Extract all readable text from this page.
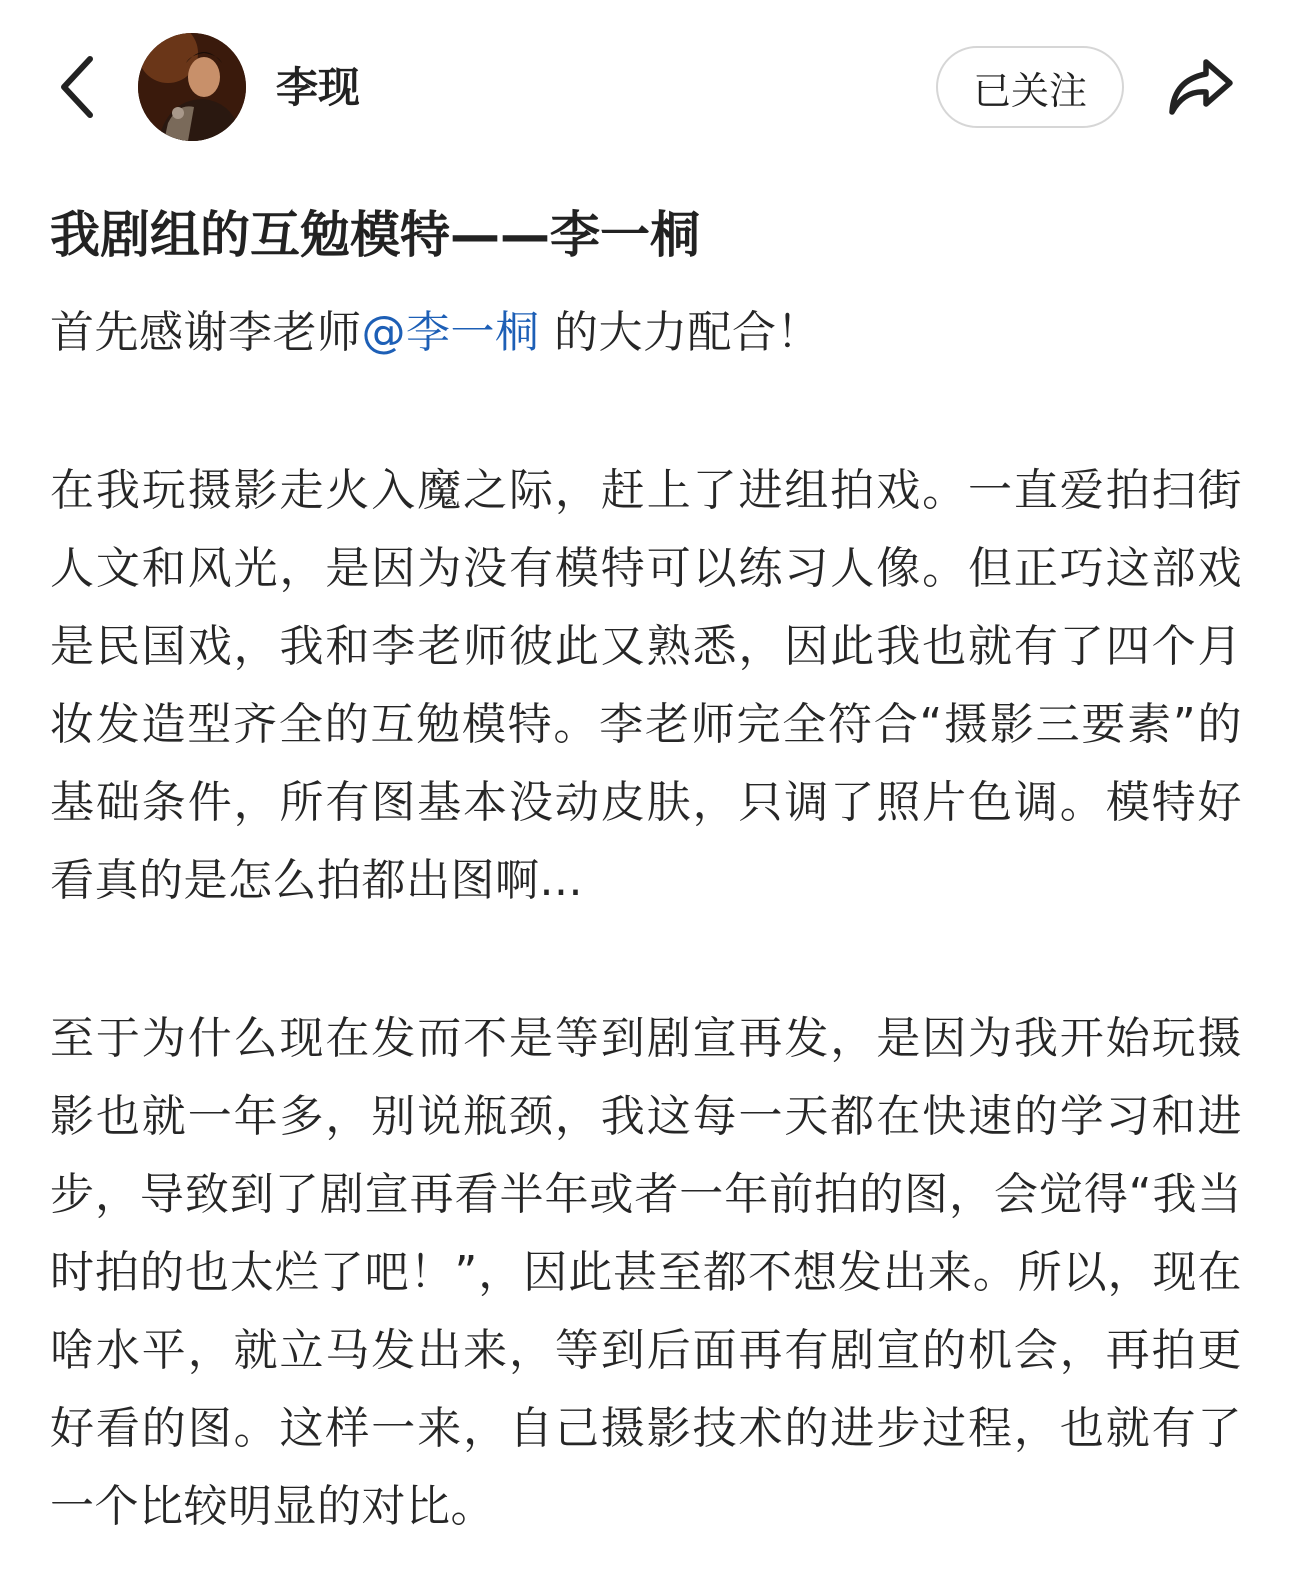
李现	已关注
我剧组的互勉模特——李一桐

首先感谢李老师@李一桐 的大力配合！

在我玩摄影走火入魔之际，赶上了进组拍戏。一直爱拍扫街人文和风光，是因为没有模特可以练习人像。但正巧这部戏是民国戏，我和李老师彼此又熟悉，因此我也就有了四个月妆发造型齐全的互勉模特。李老师完全符合“摄影三要素”的基础条件，所有图基本没动皮肤，只调了照片色调。模特好看真的是怎么拍都出图啊...

至于为什么现在发而不是等到剧宣再发，是因为我开始玩摄影也就一年多，别说瓶颈，我这每一天都在快速的学习和进步，导致到了剧宣再看半年或者一年前拍的图，会觉得“我当时拍的也太烂了吧！”，因此甚至都不想发出来。所以，现在啥水平，就立马发出来，等到后面再有剧宣的机会，再拍更好看的图。这样一来，自己摄影技术的进步过程，也就有了一个比较明显的对比。
